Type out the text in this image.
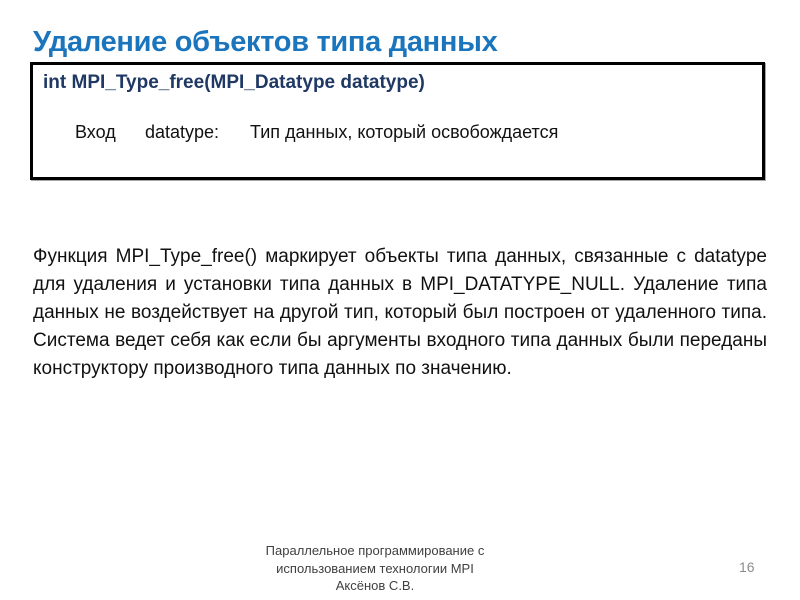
Удаление объектов типа данных
int MPI_Type_free(MPI_Datatype datatype)
Вход datatype: Тип данных, который освобождается

Функция MPI_Type_free() маркирует объекты типа данных, связанные с datatype для удаления и установки типа данных в MPI_DATATYPE_NULL. Удаление типа данных не воздействует на другой тип, который был построен от удаленного типа. Система ведет себя как если бы аргументы входного типа данных были переданы конструктору производного типа данных по значению.

Параллельное программирование с
использованием технологии MPI
Аксёнов С.В.
16
